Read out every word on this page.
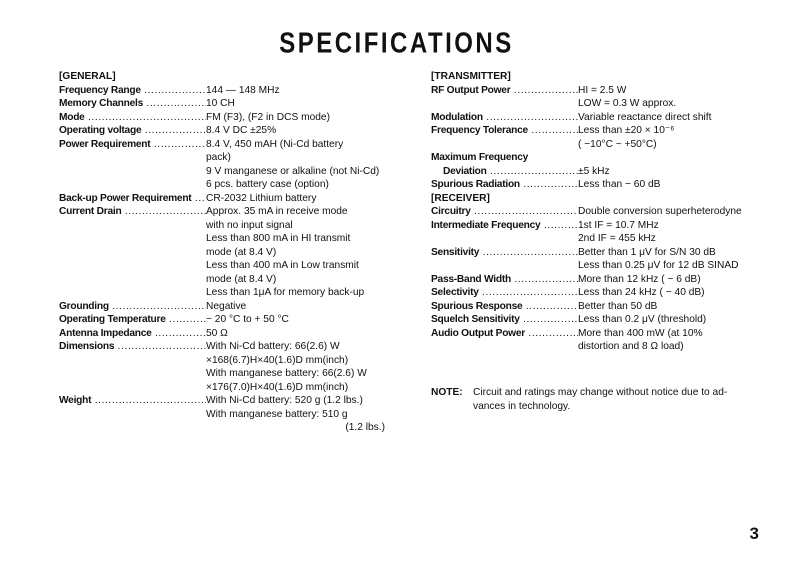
SPECIFICATIONS
[GENERAL]
Frequency Range .....	144 — 148 MHz
Memory Channels .....	10 CH
Mode .....	FM (F3), (F2 in DCS mode)
Operating voltage .....	8.4 V DC ±25%
Power Requirement .....	8.4 V, 450 mAH (Ni-Cd battery
pack)
9 V manganese or alkaline (not Ni-Cd)
6 pcs. battery case (option)
Back-up Power Requirement .....	CR-2032 Lithium battery
Current Drain .....	Approx. 35 mA in receive mode
with no input signal
Less than 800 mA in HI transmit
mode (at 8.4 V)
Less than 400 mA in Low transmit
mode (at 8.4 V)
Less than 1μA for memory back-up
Grounding .....	Negative
Operating Temperature .....	− 20 °C to + 50 °C
Antenna Impedance .....	50 Ω
Dimensions .....	With Ni-Cd battery: 66(2.6) W
×168(6.7)H×40(1.6)D mm(inch)
With manganese battery: 66(2.6) W
×176(7.0)H×40(1.6)D mm(inch)
Weight .....	With Ni-Cd battery: 520 g (1.2 lbs.)
With manganese battery: 510 g
(1.2 lbs.)
[TRANSMITTER]
RF Output Power .....	HI = 2.5 W
LOW = 0.3 W approx.
Modulation .....	Variable reactance direct shift
Frequency Tolerance .....	Less than ±20 × 10⁻⁶
( −10°C ~ +50°C)
Maximum Frequency
Deviation .....	±5 kHz
Spurious Radiation .....	Less than − 60 dB
[RECEIVER]
Circuitry .....	Double conversion superheterodyne
Intermediate Frequency .....	1st IF = 10.7 MHz
2nd IF = 455 kHz
Sensitivity .....	Better than 1 μV for S/N 30 dB
Less than 0.25 μV for 12 dB SINAD
Pass-Band Width .....	More than 12 kHz ( − 6 dB)
Selectivity .....	Less than 24 kHz ( − 40 dB)
Spurious Response .....	Better than 50 dB
Squelch Sensitivity .....	Less than 0.2 μV (threshold)
Audio Output Power .....	More than 400 mW (at 10%
distortion and 8 Ω load)
NOTE:	Circuit and ratings may change without notice due to ad-
vances in technology.
3
